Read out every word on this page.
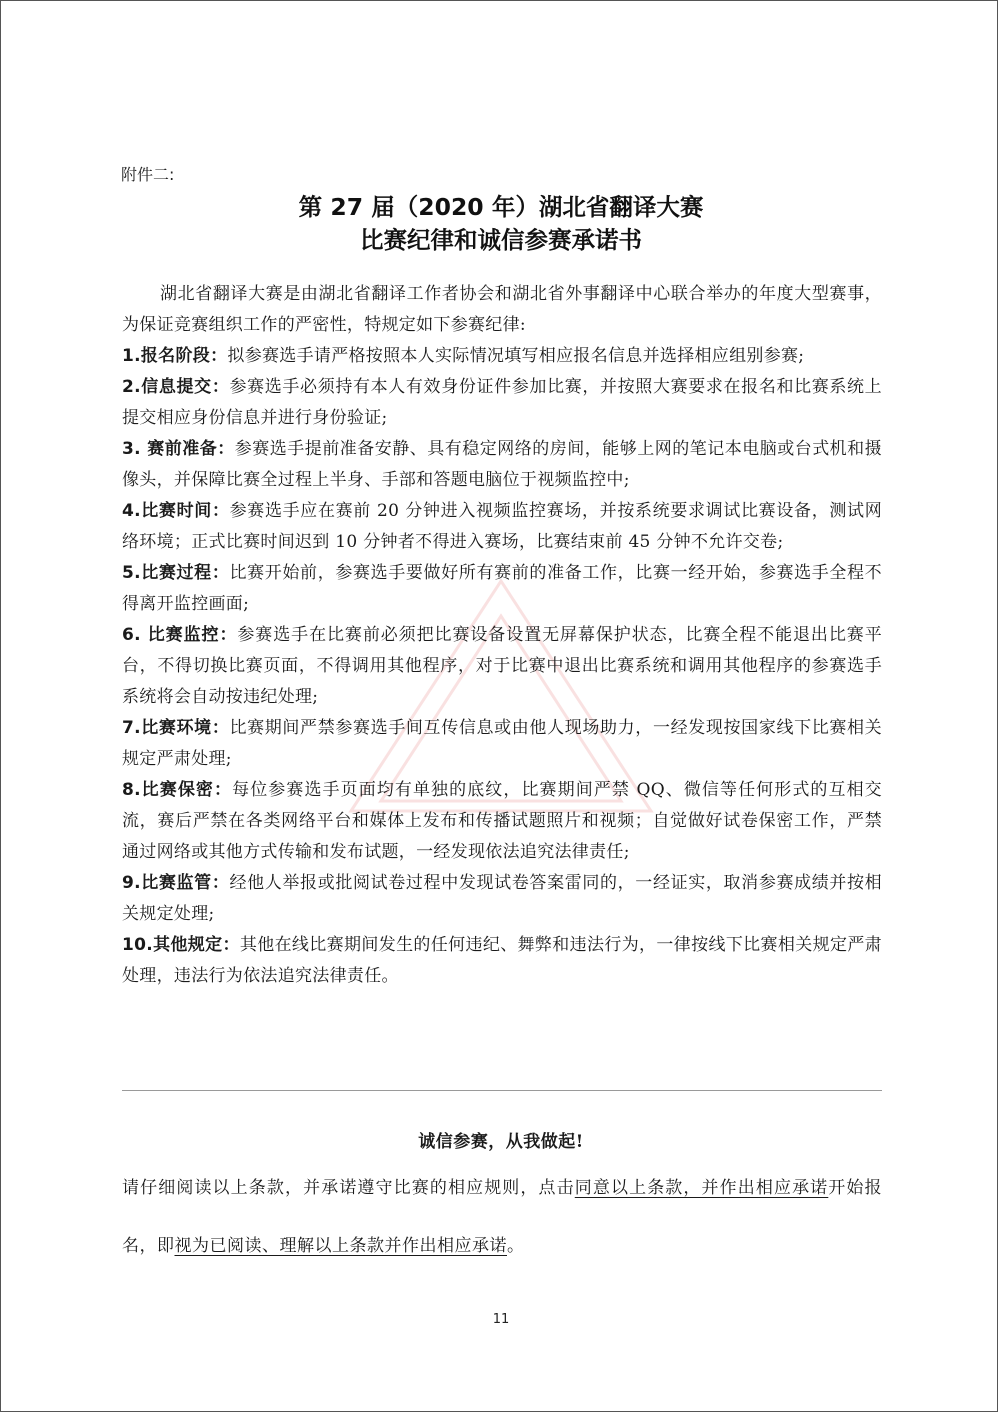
附件二:
第 27 届（2020 年）湖北省翻译大赛
比赛纪律和诚信参赛承诺书

湖北省翻译大赛是由湖北省翻译工作者协会和湖北省外事翻译中心联合举办的年度大型赛事，为保证竞赛组织工作的严密性，特规定如下参赛纪律:

1.报名阶段：拟参赛选手请严格按照本人实际情况填写相应报名信息并选择相应组别参赛;

2.信息提交：参赛选手必须持有本人有效身份证件参加比赛，并按照大赛要求在报名和比赛系统上提交相应身份信息并进行身份验证;

3. 赛前准备：参赛选手提前准备安静、具有稳定网络的房间，能够上网的笔记本电脑或台式机和摄像头，并保障比赛全过程上半身、手部和答题电脑位于视频监控中;

4.比赛时间：参赛选手应在赛前 20 分钟进入视频监控赛场，并按系统要求调试比赛设备，测试网络环境；正式比赛时间迟到 10 分钟者不得进入赛场，比赛结束前 45 分钟不允许交卷;

5.比赛过程：比赛开始前，参赛选手要做好所有赛前的准备工作，比赛一经开始，参赛选手全程不得离开监控画面;

6. 比赛监控：参赛选手在比赛前必须把比赛设备设置无屏幕保护状态，比赛全程不能退出比赛平台，不得切换比赛页面，不得调用其他程序，对于比赛中退出比赛系统和调用其他程序的参赛选手系统将会自动按违纪处理;

7.比赛环境：比赛期间严禁参赛选手间互传信息或由他人现场助力，一经发现按国家线下比赛相关规定严肃处理;

8.比赛保密：每位参赛选手页面均有单独的底纹，比赛期间严禁 QQ、微信等任何形式的互相交流，赛后严禁在各类网络平台和媒体上发布和传播试题照片和视频；自觉做好试卷保密工作，严禁通过网络或其他方式传输和发布试题，一经发现依法追究法律责任;

9.比赛监管：经他人举报或批阅试卷过程中发现试卷答案雷同的，一经证实，取消参赛成绩并按相关规定处理;

10.其他规定：其他在线比赛期间发生的任何违纪、舞弊和违法行为，一律按线下比赛相关规定严肃处理，违法行为依法追究法律责任。

诚信参赛，从我做起!
请仔细阅读以上条款，并承诺遵守比赛的相应规则，点击同意以上条款，并作出相应承诺开始报名，即视为已阅读、理解以上条款并作出相应承诺。
11
